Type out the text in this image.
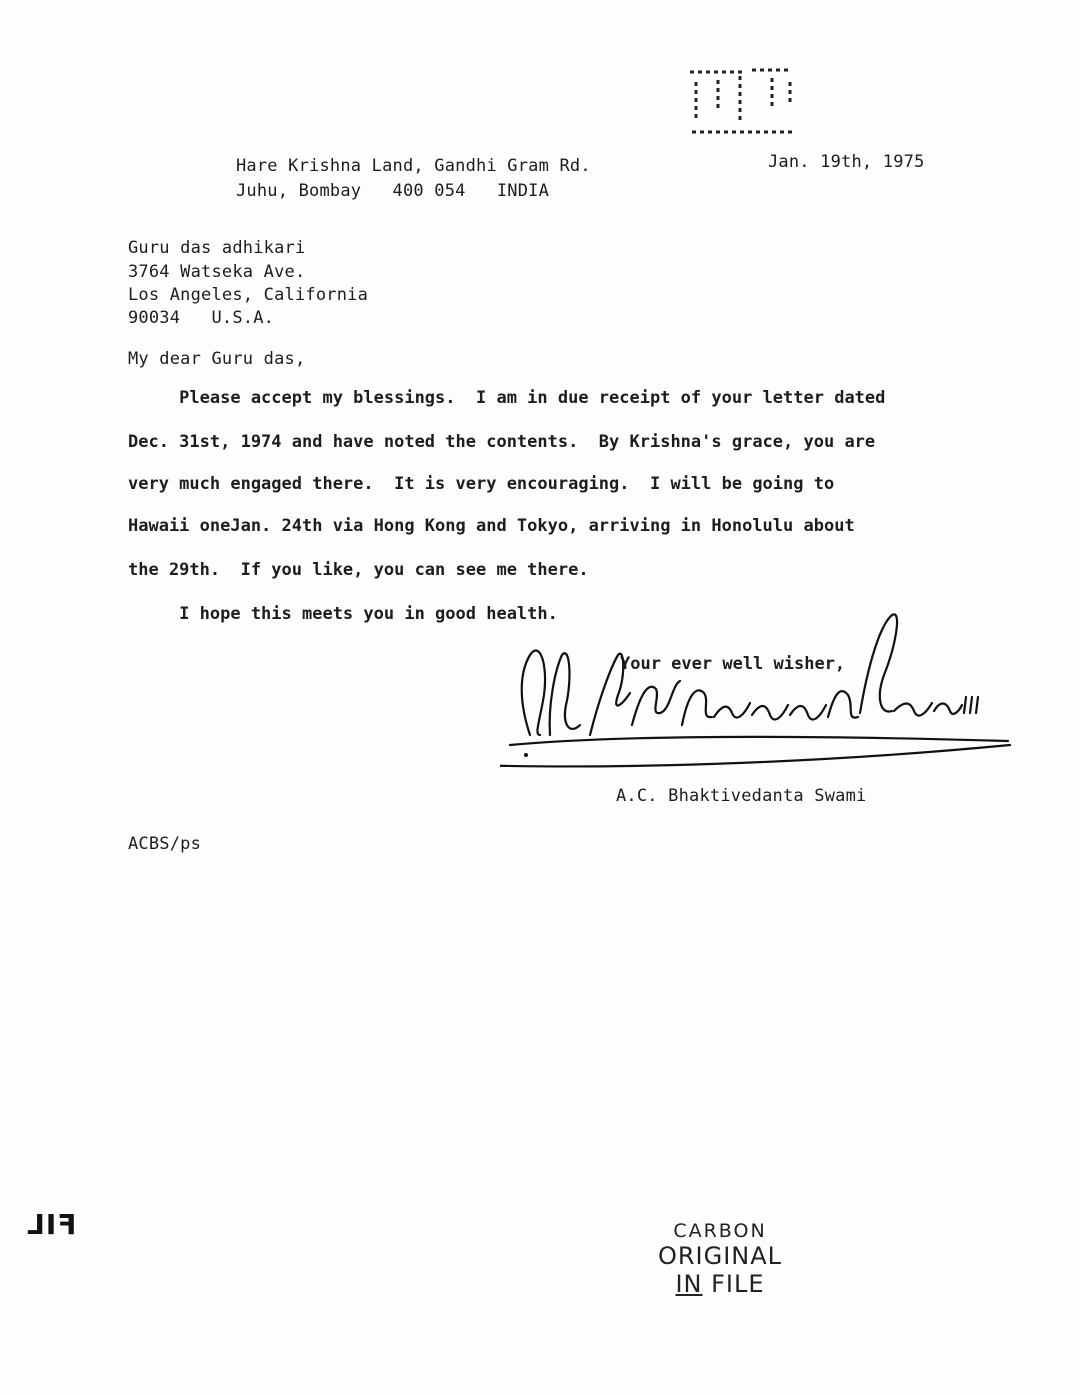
Hare Krishna Land, Gandhi Gram Rd.
Juhu, Bombay   400 054   INDIA
Jan. 19th, 1975
Guru das adhikari
3764 Watseka Ave.
Los Angeles, California
90034   U.S.A.
My dear Guru das,
Please accept my blessings.  I am in due receipt of your letter dated
Dec. 31st, 1974 and have noted the contents.  By Krishna's grace, you are
very much engaged there.  It is very encouraging.  I will be going to
Hawaii oneJan. 24th via Hong Kong and Tokyo, arriving in Honolulu about
the 29th.  If you like, you can see me there.
I hope this meets you in good health.
Your ever well wisher,
A.C. Bhaktivedanta Swami
ACBS/ps
FIL	CARBON
ORIGINAL
IN FILE
